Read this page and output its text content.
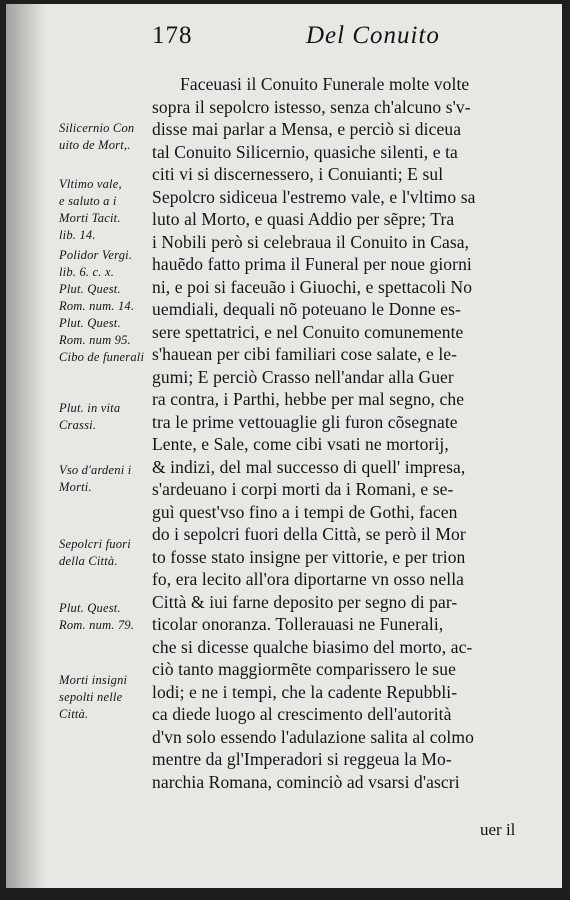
178	Del Conuito
Silicernio Con
uito de Mort,.
Vltimo vale,
e saluto a i
Morti Tacit.
lib. 14.
Polidor Vergi.
lib. 6. c. x.
Plut. Quest.
Rom. num. 14.
Plut. Quest.
Rom. num 95.
Cibo de funerali
Plut. in vita
Crassi.
Vso d'ardeni i
Morti.
Sepolcri fuori
della Città.
Plut. Quest.
Rom. num. 79.
Morti insigni
sepolti nelle
Città.
Faceuasi il Conuito Funerale molte volte
sopra il sepolcro istesso, senza ch'alcuno s'v-
disse mai parlar a Mensa, e perciò si diceua
tal Conuito Silicernio, quasiche silenti, e ta
citi vi si discernessero, i Conuianti; E sul
Sepolcro sidiceua l'estremo vale, e l'vltimo sa
luto al Morto, e quasi Addio per sẽpre; Tra
i Nobili però si celebraua il Conuito in Casa,
hauẽdo fatto prima il Funeral per noue giorni
ni, e poi si faceuão i Giuochi, e spettacoli No
uemdiali, dequali nõ poteuano le Donne es-
sere spettatrici, e nel Conuito comunemente
s'hauean per cibi familiari cose salate, e le-
gumi; E perciò Crasso nell'andar alla Guer
ra contra, i Parthi, hebbe per mal segno, che
tra le prime vettouaglie gli furon cõsegnate
Lente, e Sale, come cibi vsati ne mortorij,
& indizi, del mal successo di quell' impresa,
s'ardeuano i corpi morti da i Romani, e se-
guì quest'vso fino a i tempi de Gothi, facen
do i sepolcri fuori della Città, se però il Mor
to fosse stato insigne per vittorie, e per trion
fo, era lecito all'ora diportarne vn osso nella
Città & iui farne deposito per segno di par-
ticolar onoranza. Tollerauasi ne Funerali,
che si dicesse qualche biasimo del morto, ac-
ciò tanto maggiormẽte comparissero le sue
lodi; e ne i tempi, che la cadente Repubbli-
ca diede luogo al crescimento dell'autorità
d'vn solo essendo l'adulazione salita al colmo
mentre da gl'Imperadori si reggeua la Mo-
narchia Romana, cominciò ad vsarsi d'ascri
uer il
